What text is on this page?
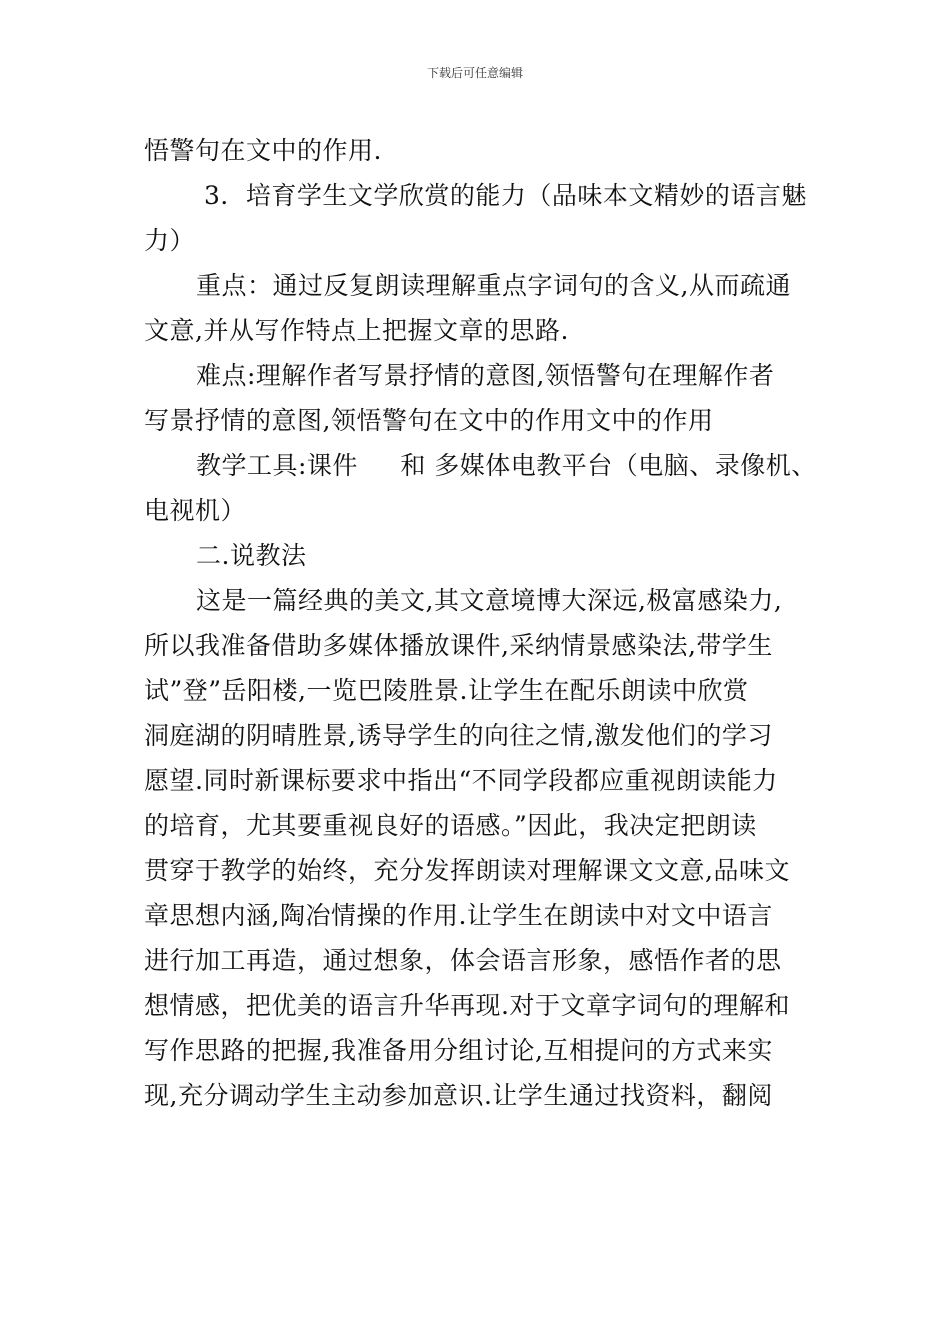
下载后可任意编辑

悟警句在文中的作用.

3．培育学生文学欣赏的能力（品味本文精妙的语言魅
力）

重点：通过反复朗读理解重点字词句的含义,从而疏通
文意,并从写作特点上把握文章的思路.

难点:理解作者写景抒情的意图,领悟警句在理解作者
写景抒情的意图,领悟警句在文中的作用文中的作用

教学工具:课件 　 和 多媒体电教平台（电脑、录像机、
电视机）

二.说教法

这是一篇经典的美文,其文意境博大深远,极富感染力,
所以我准备借助多媒体播放课件,采纳情景感染法,带学生
试”登”岳阳楼,一览巴陵胜景.让学生在配乐朗读中欣赏
洞庭湖的阴晴胜景,诱导学生的向往之情,激发他们的学习
愿望.同时新课标要求中指出“不同学段都应重视朗读能力
的培育，尤其要重视良好的语感。”因此，我决定把朗读
贯穿于教学的始终，充分发挥朗读对理解课文文意,品味文
章思想内涵,陶冶情操的作用.让学生在朗读中对文中语言
进行加工再造，通过想象，体会语言形象，感悟作者的思
想情感，把优美的语言升华再现.对于文章字词句的理解和
写作思路的把握,我准备用分组讨论,互相提问的方式来实
现,充分调动学生主动参加意识.让学生通过找资料，翻阅
